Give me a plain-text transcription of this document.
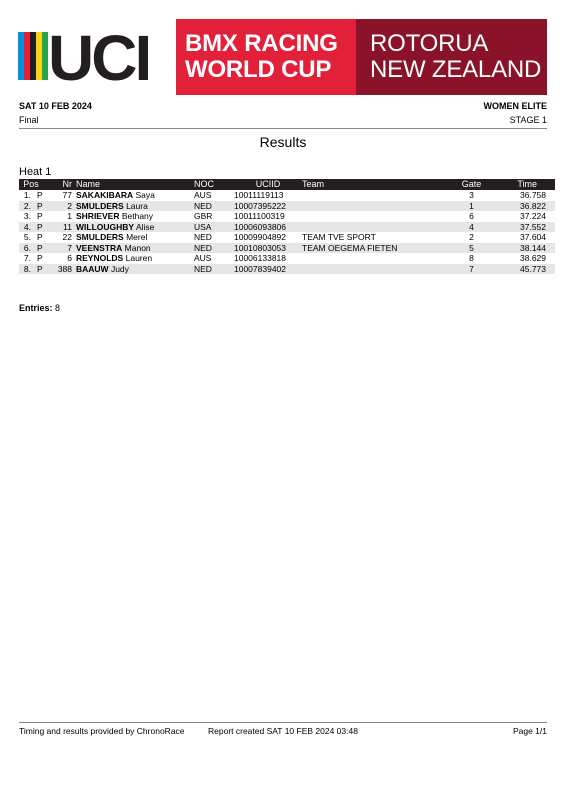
UCI BMX RACING
WORLD CUP
ROTORUA
NEW ZEALAND
SAT 10 FEB 2024
Final
WOMEN ELITE
STAGE 1
Results
Heat 1
Pos		Nr	Name	NOC	UCIID	Team	Gate	Time
1.	P	77	SAKAKIBARA Saya	AUS	10011119113		3	36.758
2.	P	2	SMULDERS Laura	NED	10007395222		1	36.822
3.	P	1	SHRIEVER Bethany	GBR	10011100319		6	37.224
4.	P	11	WILLOUGHBY Alise	USA	10006093806		4	37.552
5.	P	22	SMULDERS Merel	NED	10009904892	TEAM TVE SPORT	2	37.604
6.	P	7	VEENSTRA Manon	NED	10010803053	TEAM OEGEMA FIETEN	5	38.144
7.	P	6	REYNOLDS Lauren	AUS	10006133818		8	38.629
8.	P	388	BAAUW Judy	NED	10007839402		7	45.773
Entries: 8
Timing and results provided by ChronoRace	Report created SAT 10 FEB 2024 03:48	Page 1/1
